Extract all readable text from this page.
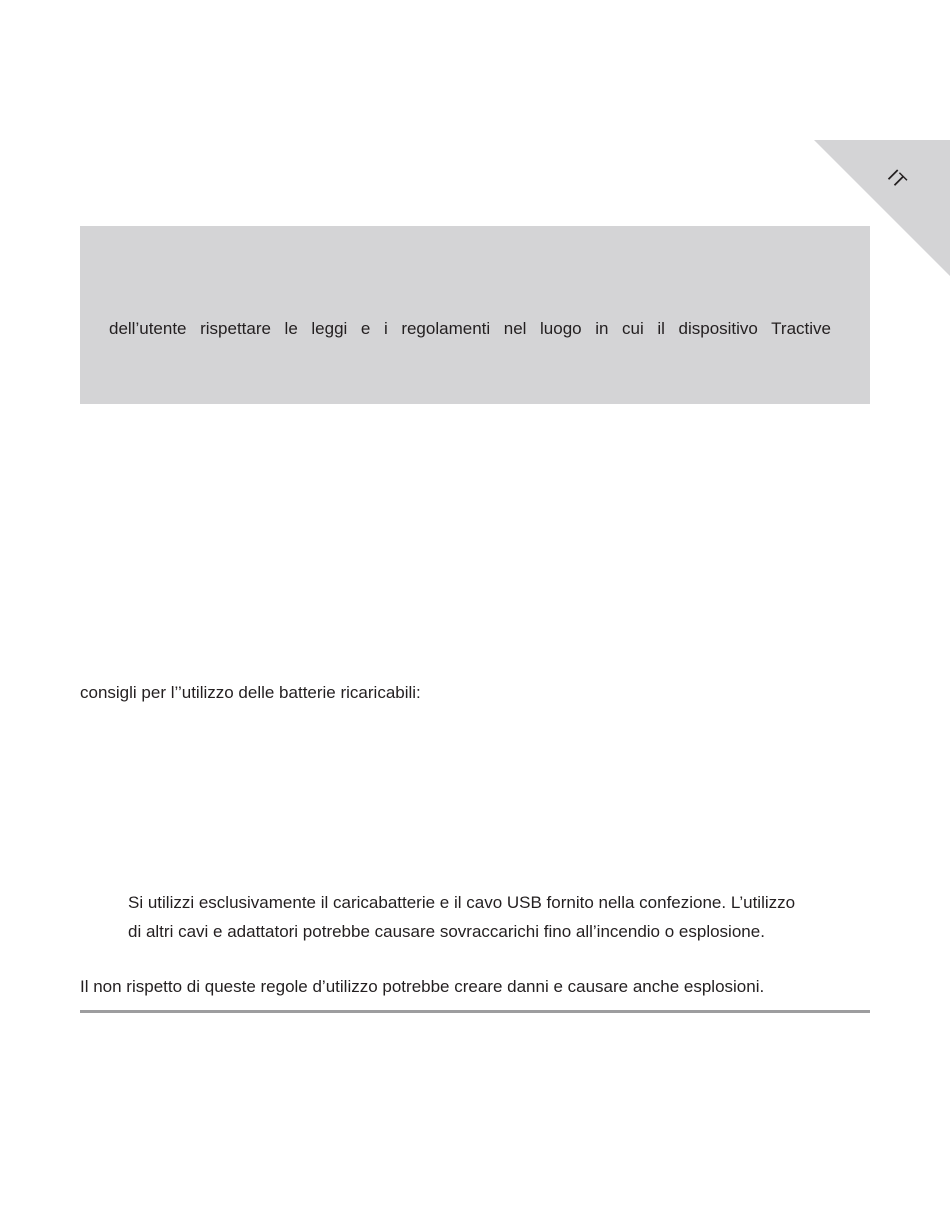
IT
dell’utente rispettare le leggi e i regolamenti nel luogo in cui il dispositivo Tractive
consigli per l’’utilizzo delle batterie ricaricabili:
Si utilizzi esclusivamente il caricabatterie e il cavo USB fornito nella confezione. L’utilizzo
di altri cavi e adattatori potrebbe causare sovraccarichi fino all’incendio o esplosione.
Il non rispetto di queste regole d’utilizzo potrebbe creare danni e causare anche esplosioni.
